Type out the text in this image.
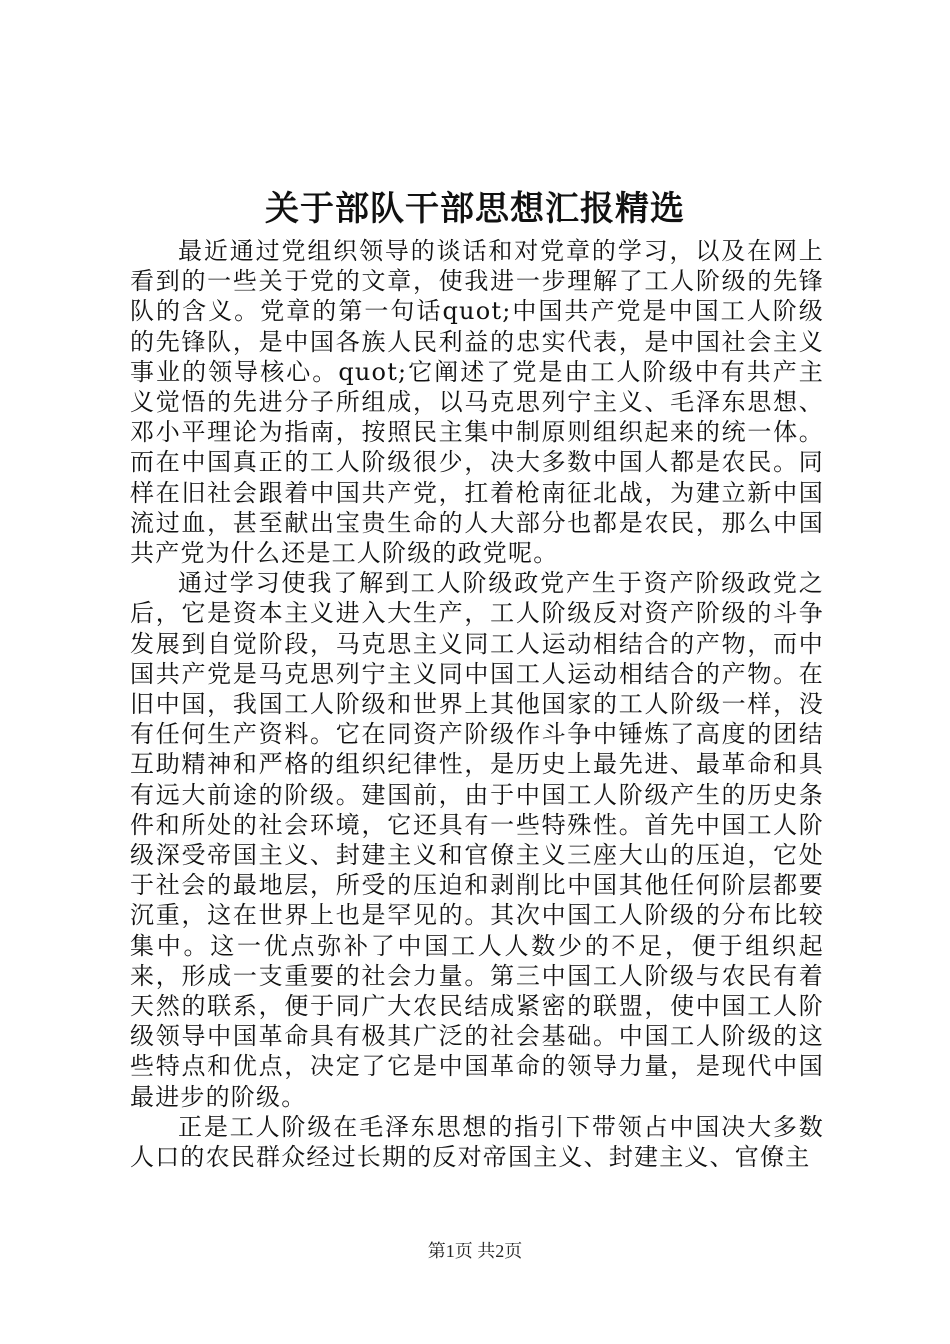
关于部队干部思想汇报精选

最近通过党组织领导的谈话和对党章的学习，以及在网上看到的一些关于党的文章，使我进一步理解了工人阶级的先锋队的含义。党章的第一句话quot;中国共产党是中国工人阶级的先锋队，是中国各族人民利益的忠实代表，是中国社会主义事业的领导核心。quot;它阐述了党是由工人阶级中有共产主义觉悟的先进分子所组成，以马克思列宁主义、毛泽东思想、邓小平理论为指南，按照民主集中制原则组织起来的统一体。而在中国真正的工人阶级很少，决大多数中国人都是农民。同样在旧社会跟着中国共产党，扛着枪南征北战，为建立新中国流过血，甚至献出宝贵生命的人大部分也都是农民，那么中国共产党为什么还是工人阶级的政党呢。

通过学习使我了解到工人阶级政党产生于资产阶级政党之后，它是资本主义进入大生产，工人阶级反对资产阶级的斗争发展到自觉阶段，马克思主义同工人运动相结合的产物，而中国共产党是马克思列宁主义同中国工人运动相结合的产物。在旧中国，我国工人阶级和世界上其他国家的工人阶级一样，没有任何生产资料。它在同资产阶级作斗争中锤炼了高度的团结互助精神和严格的组织纪律性，是历史上最先进、最革命和具有远大前途的阶级。建国前，由于中国工人阶级产生的历史条件和所处的社会环境，它还具有一些特殊性。首先中国工人阶级深受帝国主义、封建主义和官僚主义三座大山的压迫，它处于社会的最地层，所受的压迫和剥削比中国其他任何阶层都要沉重，这在世界上也是罕见的。其次中国工人阶级的分布比较集中。这一优点弥补了中国工人人数少的不足，便于组织起来，形成一支重要的社会力量。第三中国工人阶级与农民有着天然的联系，便于同广大农民结成紧密的联盟，使中国工人阶级领导中国革命具有极其广泛的社会基础。中国工人阶级的这些特点和优点，决定了它是中国革命的领导力量，是现代中国最进步的阶级。

正是工人阶级在毛泽东思想的指引下带领占中国决大多数人口的农民群众经过长期的反对帝国主义、封建主义、官僚主

第1页 共2页
